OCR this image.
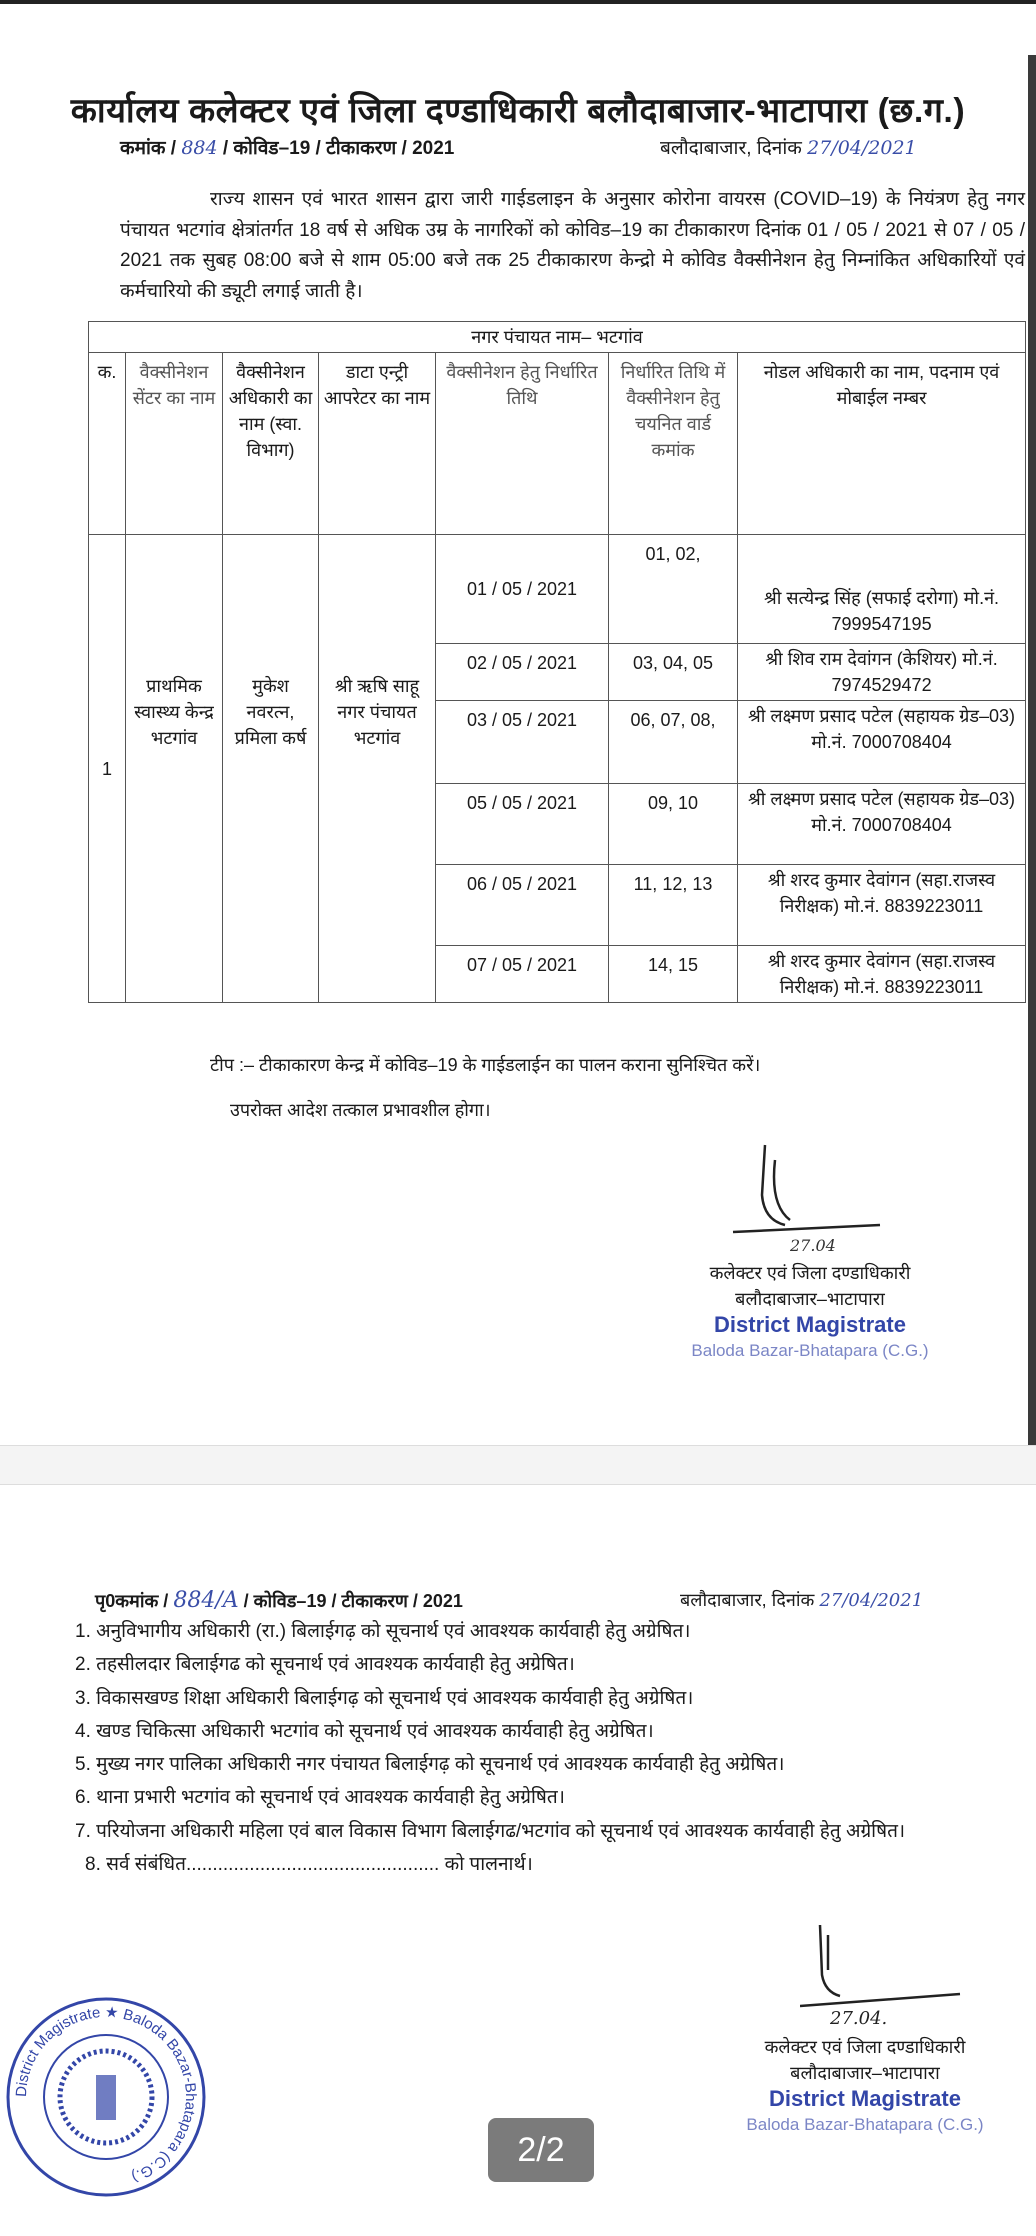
कार्यालय कलेक्टर एवं जिला दण्डाधिकारी बलौदाबाजार-भाटापारा (छ.ग.)
कमांक / 884 / कोविड–19 / टीकाकरण / 2021	बलौदाबाजार, दिनांक 27/04/2021
राज्य शासन एवं भारत शासन द्वारा जारी गाईडलाइन के अनुसार कोरोना वायरस (COVID–19) के नियंत्रण हेतु नगर पंचायत भटगांव क्षेत्रांतर्गत 18 वर्ष से अधिक उम्र के नागरिकों को कोविड–19 का टीकाकारण दिनांक 01 / 05 / 2021 से 07 / 05 / 2021 तक सुबह 08:00 बजे से शाम 05:00 बजे तक 25 टीकाकारण केन्द्रो मे कोविड वैक्सीनेशन हेतु निम्नांकित अधिकारियों एवं कर्मचारियो की ड्यूटी लगाई जाती है।
नगर पंचायत नाम– भटगांव						
क.	वैक्सीनेशन सेंटर का नाम	वैक्सीनेशन अधिकारी का नाम (स्वा. विभाग)	डाटा एन्ट्री आपरेटर का नाम	वैक्सीनेशन हेतु निर्धारित तिथि	निर्धारित तिथि में वैक्सीनेशन हेतु चयनित वार्ड कमांक	नोडल अधिकारी का नाम, पदनाम एवं मोबाईल नम्बर
1	प्राथमिक स्वास्थ्य केन्द्र भटगांव	मुकेश नवरत्न, प्रमिला कर्ष	श्री ऋषि साहू नगर पंचायत भटगांव	01 / 05 / 2021	01, 02,	श्री सत्येन्द्र सिंह (सफाई दरोगा) मो.नं. 7999547195
				02 / 05 / 2021	03, 04, 05	श्री शिव राम देवांगन (केशियर) मो.नं. 7974529472
				03 / 05 / 2021	06, 07, 08,	श्री लक्ष्मण प्रसाद पटेल (सहायक ग्रेड–03) मो.नं. 7000708404
				05 / 05 / 2021	09, 10	श्री लक्ष्मण प्रसाद पटेल (सहायक ग्रेड–03) मो.नं. 7000708404
				06 / 05 / 2021	11, 12, 13	श्री शरद कुमार देवांगन (सहा.राजस्व निरीक्षक) मो.नं. 8839223011
				07 / 05 / 2021	14, 15	श्री शरद कुमार देवांगन (सहा.राजस्व निरीक्षक) मो.नं. 8839223011
टीप :– टीकाकारण केन्द्र में कोविड–19 के गाईडलाईन का पालन कराना सुनिश्चित करें।
उपरोक्त आदेश तत्काल प्रभावशील होगा।
27.04
कलेक्टर एवं जिला दण्डाधिकारी
बलौदाबाजार–भाटापारा
District Magistrate
Baloda Bazar-Bhatapara (C.G.)
पृ0कमांक / 884/A / कोविड–19 / टीकाकरण / 2021	बलौदाबाजार, दिनांक 27/04/2021
1. अनुविभागीय अधिकारी (रा.) बिलाईगढ़ को सूचनार्थ एवं आवश्यक कार्यवाही हेतु अग्रेषित।
2. तहसीलदार बिलाईगढ को सूचनार्थ एवं आवश्यक कार्यवाही हेतु अग्रेषित।
3. विकासखण्ड शिक्षा अधिकारी बिलाईगढ़ को सूचनार्थ एवं आवश्यक कार्यवाही हेतु अग्रेषित।
4. खण्ड चिकित्सा अधिकारी भटगांव को सूचनार्थ एवं आवश्यक कार्यवाही हेतु अग्रेषित।
5. मुख्य नगर पालिका अधिकारी नगर पंचायत बिलाईगढ़ को सूचनार्थ एवं आवश्यक कार्यवाही हेतु अग्रेषित।
6. थाना प्रभारी भटगांव को सूचनार्थ एवं आवश्यक कार्यवाही हेतु अग्रेषित।
7. परियोजना अधिकारी महिला एवं बाल विकास विभाग बिलाईगढ/भटगांव को सूचनार्थ एवं आवश्यक कार्यवाही हेतु अग्रेषित।
8. सर्व संबंधित................................................ को पालनार्थ।
District Magistrate ★ Baloda Bazar-Bhatapara (C.G.)
27.04.
कलेक्टर एवं जिला दण्डाधिकारी
बलौदाबाजार–भाटापारा
District Magistrate
Baloda Bazar-Bhatapara (C.G.)
2/2
